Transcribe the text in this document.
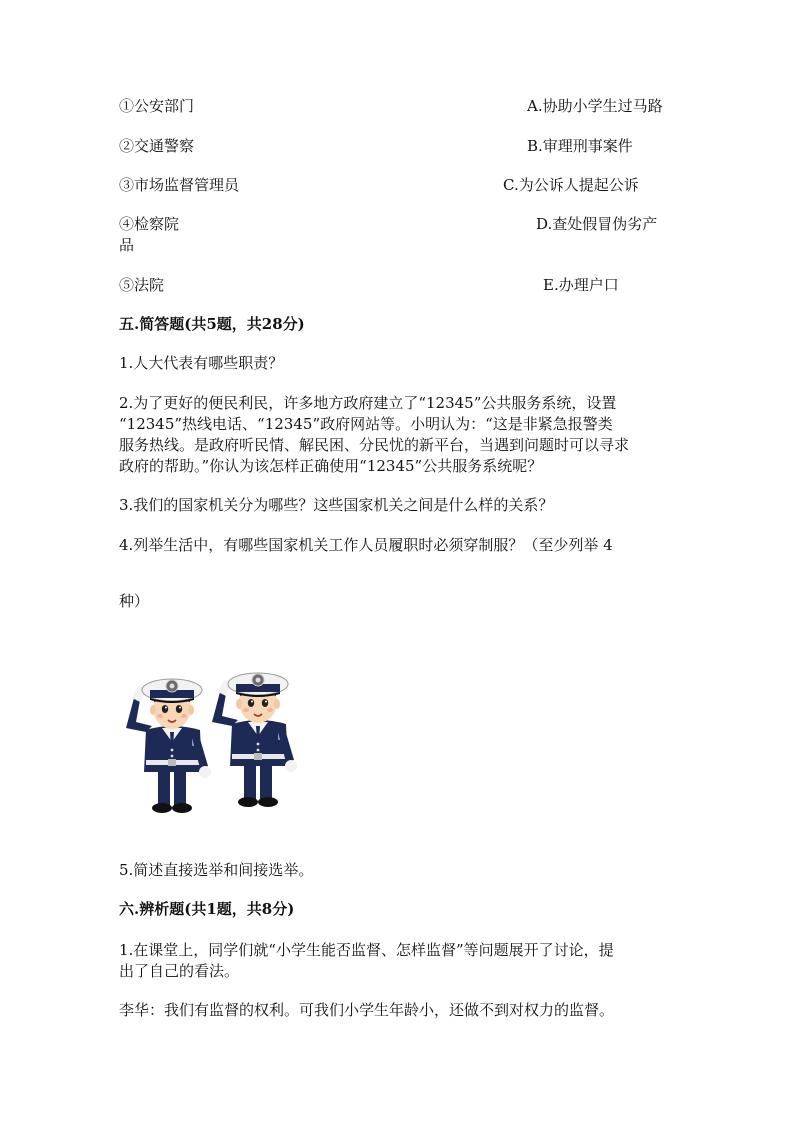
①公安部门	A.协助小学生过马路
②交通警察	B.审理刑事案件
③市场监督管理员	C.为公诉人提起公诉
④检察院	D.查处假冒伪劣产
品
⑤法院	E.办理户口
五.简答题(共5题，共28分)
1.人大代表有哪些职责？
2.为了更好的便民利民，许多地方政府建立了“12345”公共服务系统，设置
“12345”热线电话、“12345”政府网站等。小明认为：“这是非紧急报警类
服务热线。是政府听民情、解民困、分民忧的新平台，当遇到问题时可以寻求
政府的帮助。”你认为该怎样正确使用“12345”公共服务系统呢？
3.我们的国家机关分为哪些？这些国家机关之间是什么样的关系？
4.列举生活中，有哪些国家机关工作人员履职时必须穿制服？（至少列举 4
种）
5.简述直接选举和间接选举。
六.辨析题(共1题，共8分)
1.在课堂上，同学们就“小学生能否监督、怎样监督”等问题展开了讨论，提
出了自己的看法。
李华：我们有监督的权利。可我们小学生年龄小，还做不到对权力的监督。
